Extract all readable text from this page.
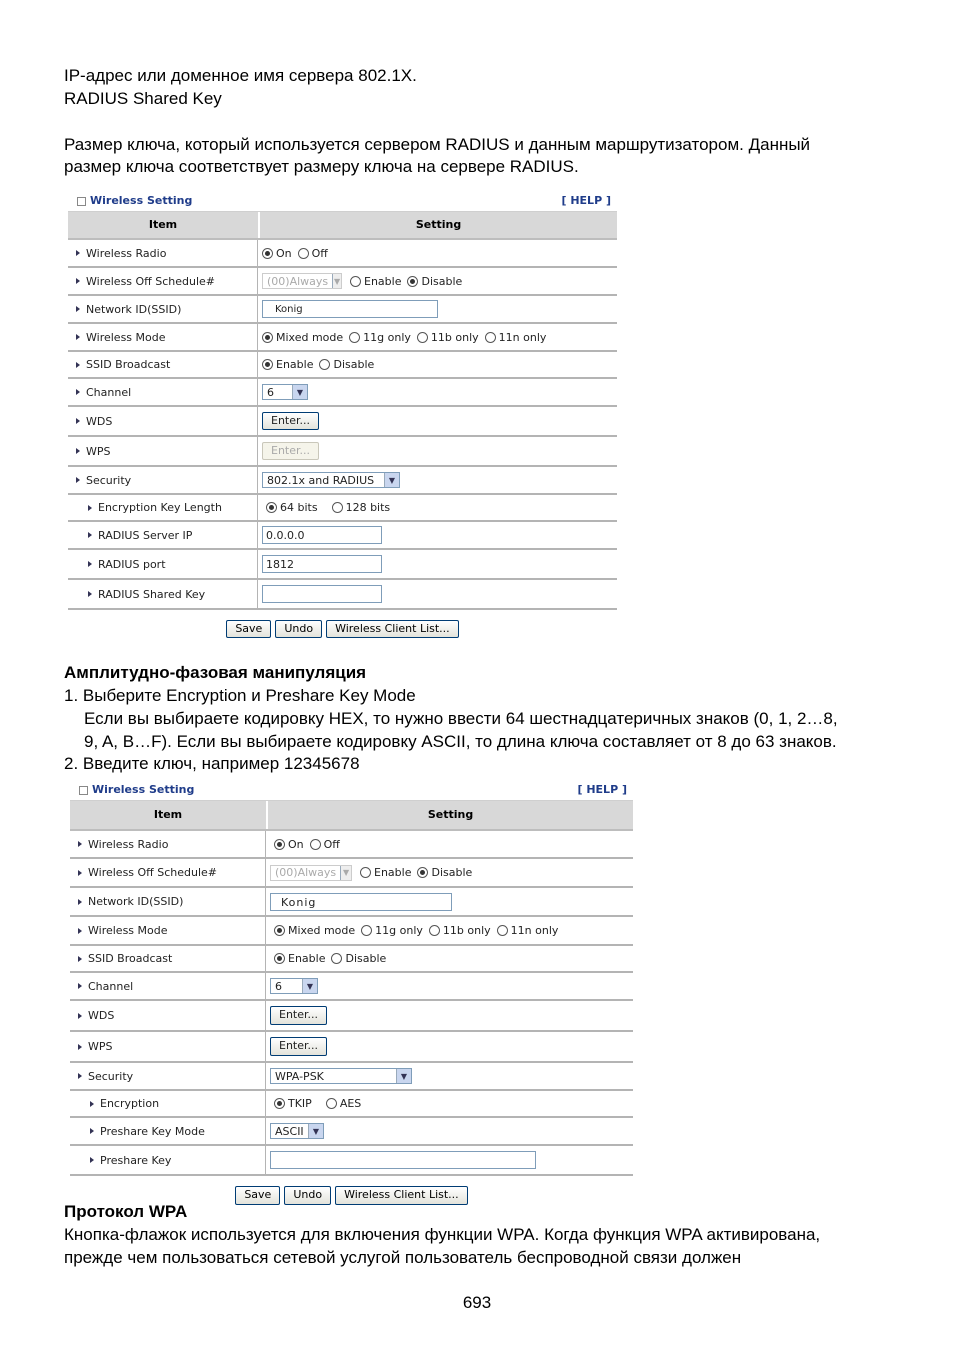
IP-адрес или доменное имя сервера 802.1X.
RADIUS Shared Key
Размер ключа, который используется сервером RADIUS и данным маршрутизатором. Данный
размер ключа соответствует размеру ключа на сервере RADIUS.
Wireless Setting	[ HELP ]
Item	Setting
Wireless Radio	On Off
Wireless Off Schedule#	(00)Always ▼ Enable Disable
Network ID(SSID)	Konig
Wireless Mode	Mixed mode 11g only 11b only 11n only
SSID Broadcast	Enable Disable
Channel	6	▼
WDS	Enter...
WPS	Enter...
Security	802.1x and RADIUS	▼
Encryption Key Length	64 bits	128 bits
RADIUS Server IP	0.0.0.0
RADIUS port	1812
RADIUS Shared Key
Save	Undo	Wireless Client List...
Амплитудно-фазовая манипуляция
1. Выберите Encryption и Preshare Key Mode
Если вы выбираете кодировку HEX, то нужно ввести 64 шестнадцатеричных знаков (0, 1, 2…8,
9, A, B…F). Если вы выбираете кодировку ASCII, то длина ключа составляет от 8 до 63 знаков.
2. Введите ключ, например 12345678
Wireless Setting	[ HELP ]
Item	Setting
Wireless Radio	On Off
Wireless Off Schedule#	(00)Always ▼ Enable Disable
Network ID(SSID)	Konig
Wireless Mode	Mixed mode 11g only 11b only 11n only
SSID Broadcast	Enable Disable
Channel	6	▼
WDS	Enter...
WPS	Enter...
Security	WPA-PSK	▼
Encryption	TKIP	AES
Preshare Key Mode	ASCII	▼
Preshare Key
Save	Undo	Wireless Client List...
Протокол WPA
Кнопка-флажок используется для включения функции WPA. Когда функция WPA активирована,
прежде чем пользоваться сетевой услугой пользователь беспроводной связи должен
693
